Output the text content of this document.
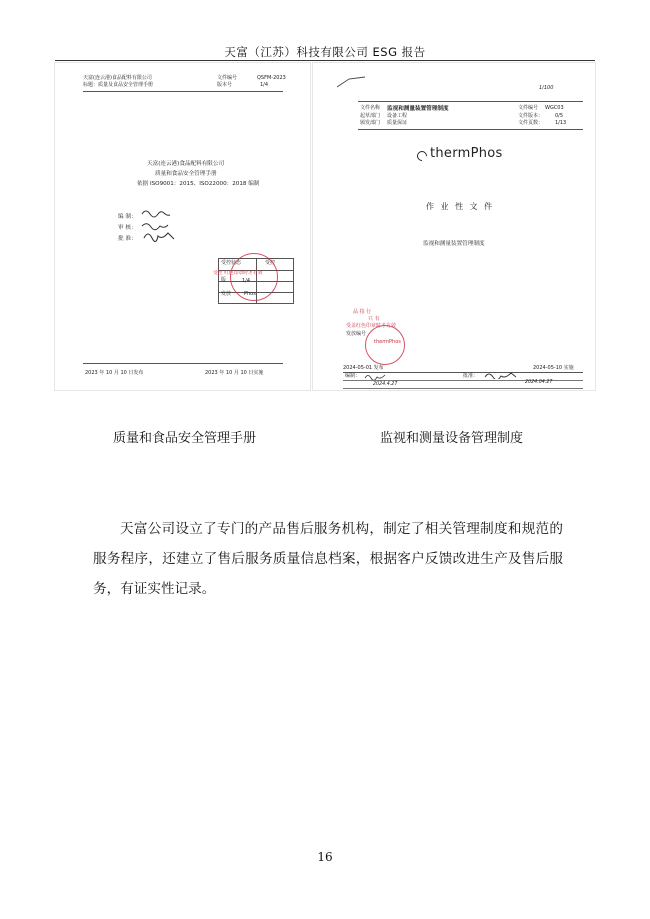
天富（江苏）科技有限公司 ESG 报告
天富(连云港)食品配料有限公司
标题：质量及食品安全管理手册
文件编号	QSFM-2023
版本号	1/4
天富(连云港)食品配料有限公司
质量和食品安全管理手册
依据 ISO9001：2015、ISO22000：2018 编制
编 制：
审 核：
批 准：
受控状态	受控
受控 红色印章时才有效
版	1/4
发放	Phos
2023 年 10 月 10 日发布	2023 年 10 月 10 日实施
1/100
文件名称 监视和测量装置管理制度
起草部门 设备工程
颁发部门 质量保证
文件编号 WGC03
文件版本： 0/5
文件页数： 1/13
thermPhos
作 业 性 文 件
监视和测量装置管理制度
品 指 行
只 有
受盖红色印章时才方效
发放编号
thermPhos
2024-05-01 发布	2024-05-10 实施
编制：	批准：
2024.4.27	2024.04.27
质量和食品安全管理手册	监视和测量设备管理制度
天富公司设立了专门的产品售后服务机构，制定了相关管理制度和规范的服务程序，还建立了售后服务质量信息档案，根据客户反馈改进生产及售后服务，有证实性记录。
16
